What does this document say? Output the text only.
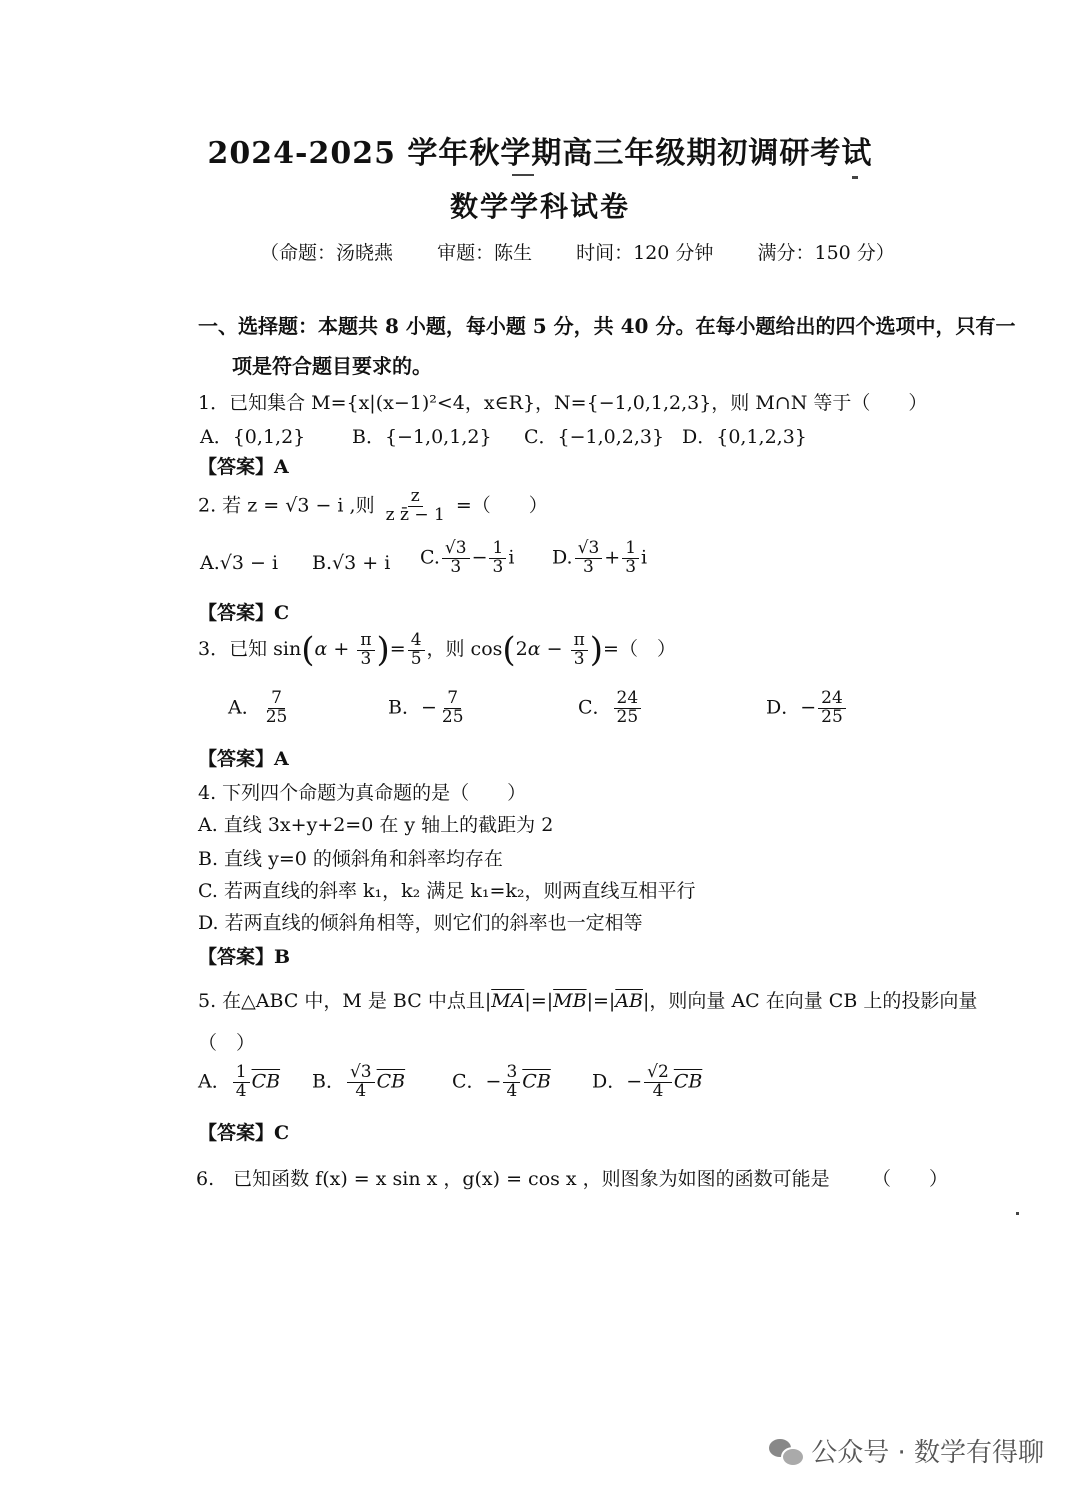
2024-2025 学年秋学期高三年级期初调研考试
数学学科试卷
（命题：汤晓燕 审题：陈生 时间：120 分钟 满分：150 分）
一、选择题：本题共 8 小题，每小题 5 分，共 40 分。在每小题给出的四个选项中，只有一
项是符合题目要求的。
1．已知集合 M={x|(x−1)²<4，x∈R}，N={−1,0,1,2,3}，则 M∩N 等于（　　）
A．{0,1,2} B．{−1,0,1,2} C．{−1,0,2,3} D．{0,1,2,3}
【答案】A
2. 若 z = √3 − i ,则 $\frac{z}{\text{z z̄ − 1}}$ =（　　）
A.√3 − i B.√3 + i C. $\frac{√3}{3} - \frac{1}{3}$ i D. $\frac{√3}{3} + \frac{1}{3}$ i
【答案】C
3．已知 $\sin(\alpha + \frac{\pi}{3}$ )= $\frac{4}{5}$ ，则 $\cos(2\alpha - \frac{\pi}{3}$ )=（　）
A． $\frac{7}{25}$	B．− $\frac{7}{25}$	C． $\frac{24}{25}$	D．− $\frac{24}{25}$
【答案】A
4. 下列四个命题为真命题的是（　　）
A. 直线 3x+y+2=0 在 y 轴上的截距为 2
B. 直线 y=0 的倾斜角和斜率均存在
C. 若两直线的斜率 k₁，k₂ 满足 k₁=k₂，则两直线互相平行
D. 若两直线的倾斜角相等，则它们的斜率也一定相等
【答案】B
5. 在△ABC 中，M 是 BC 中点且$|\overline{MA}|=|\overline{MB}|=|\overline{AB}|$，则向量 AC 在向量 CB 上的投影向量
（　）
A． $\frac{1}{4} \overline{CB}$ B． $\frac{√3}{4} \overline{CB}$ C．− $\frac{3}{4} \overline{CB}$ D．− $\frac{√2}{4} \overline{CB}$
【答案】C
6.　已知函数 f(x) = x sin x ，g(x) = cos x ，则图象为如图的函数可能是 （　　）
公众号 · 数学有得聊
